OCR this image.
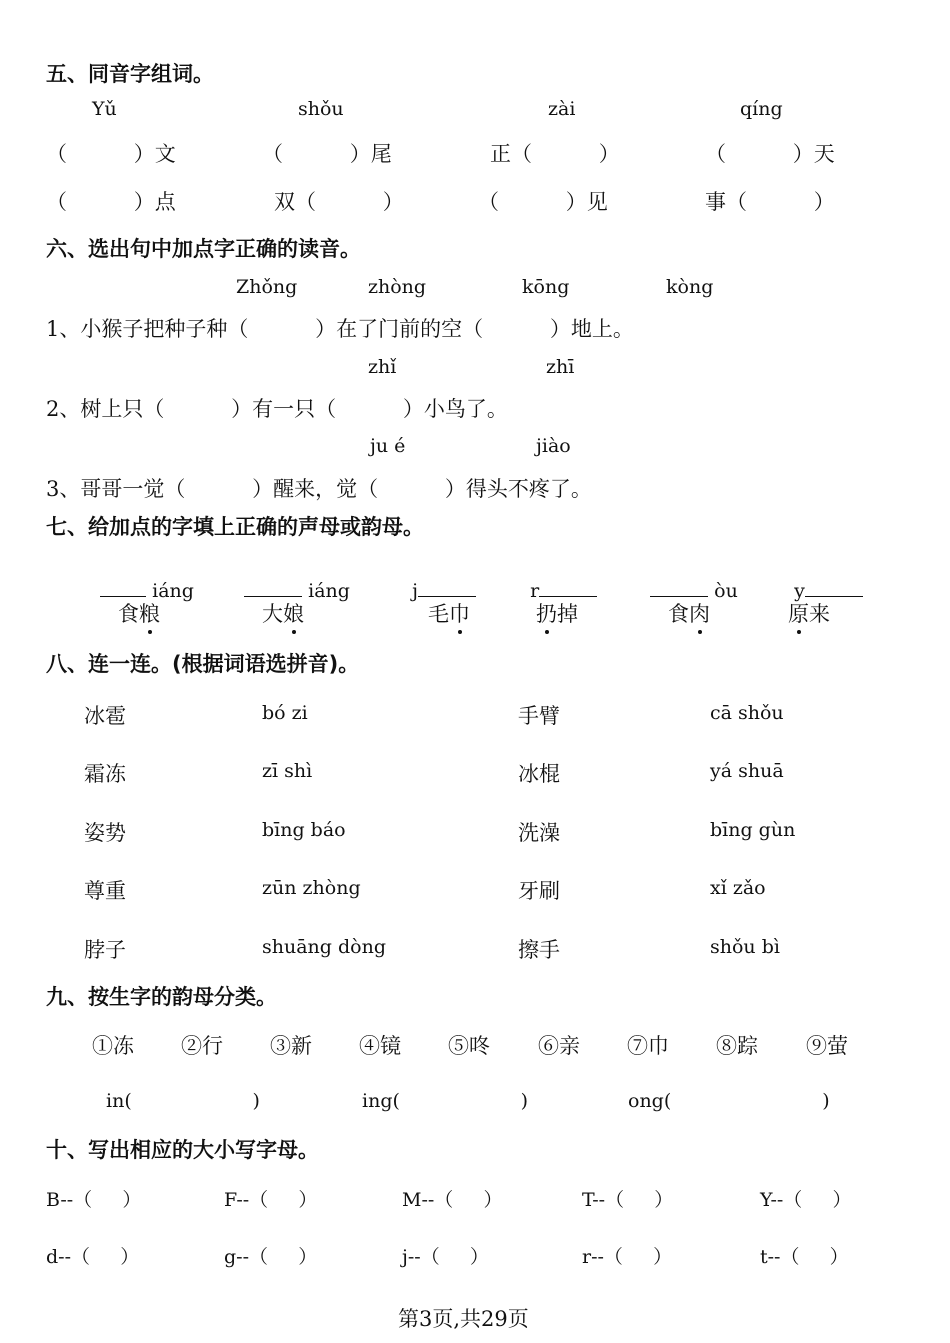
五、同音字组词。
Yǔ	shǒu	zài	qíng
（          ）文	（          ）尾	正（          ）	（          ）天
（          ）点	双（          ）	（          ）见	事（          ）
六、选出句中加点字正确的读音。
Zhǒng	zhòng	kōng	kòng
1、小猴子把种子种（          ）在了门前的空（          ）地上。
zhǐ	zhī
2、树上只（          ）有一只（          ）小鸟了。
ju é	jiào
3、哥哥一觉（          ）醒来，觉（          ）得头不疼了。
七、给加点的字填上正确的声母或韵母。

iáng	iáng	j	r	òu	y

食粮	大娘	毛巾	扔掉	食肉	原来
八、连一连。(根据词语选拼音)。
冰雹	bó zi	手臂	cā shǒu
霜冻	zī shì	冰棍	yá shuā
姿势	bīng báo	洗澡	bīng gùn
尊重	zūn zhòng	牙刷	xǐ zǎo
脖子	shuāng dòng	擦手	shǒu bì
九、按生字的韵母分类。
①冻 ②行 ③新 ④镜 ⑤咚 ⑥亲 ⑦巾 ⑧踪 ⑨萤
in(                    )	ing(                    )	ong(                         )
十、写出相应的大小写字母。
B--（     ）	F--（     ）	M--（     ）	T--（     ）	Y--（     ）
d--（     ）	g--（     ）	j--（     ）	r--（     ）	t--（     ）
第3页,共29页
